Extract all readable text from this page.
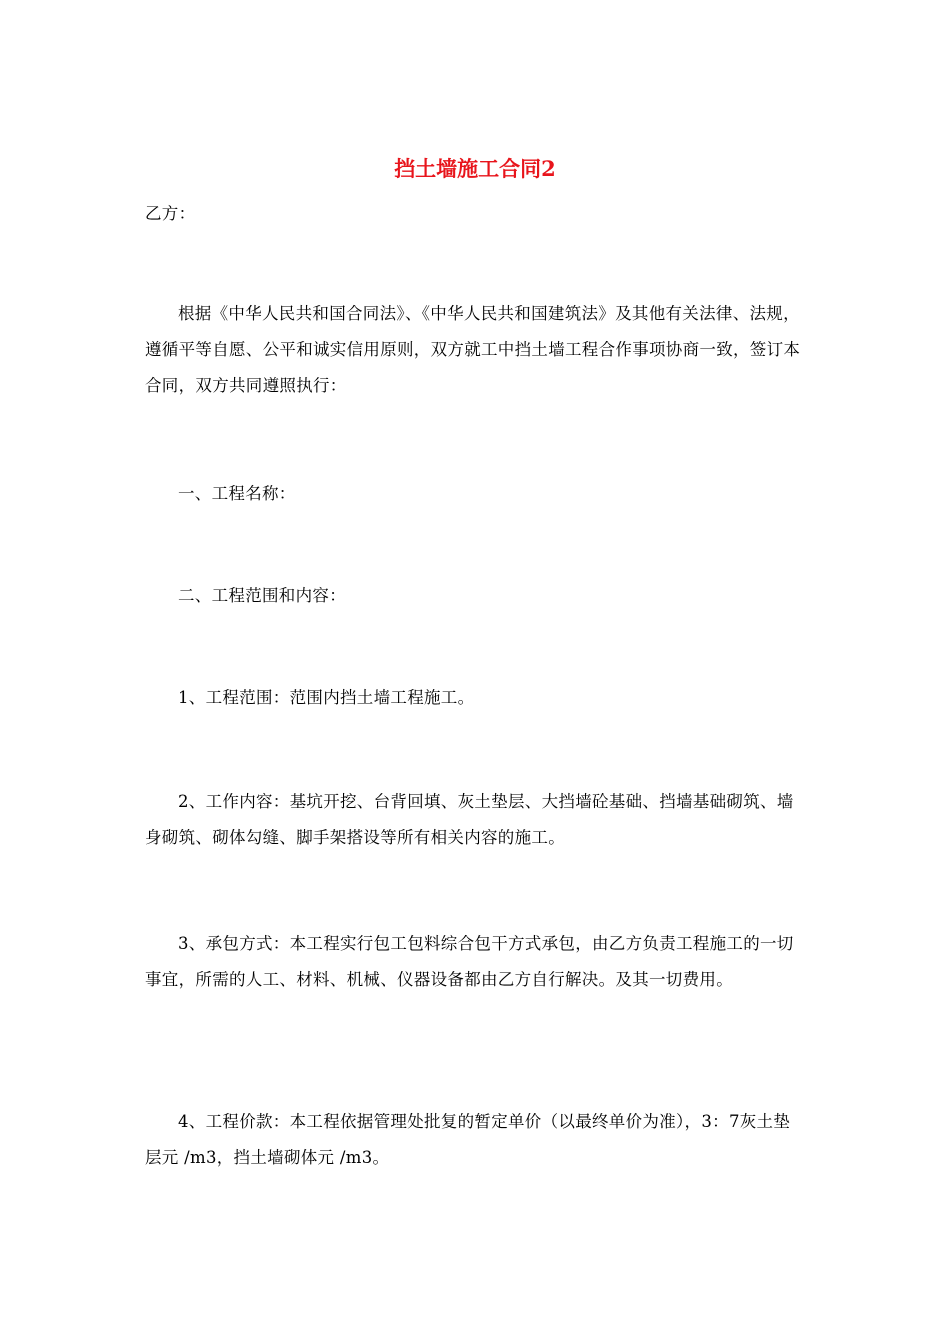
挡土墙施工合同2

乙方：

根据《中华人民共和国合同法》、《中华人民共和国建筑法》及其他有关法律、法规，遵循平等自愿、公平和诚实信用原则，双方就工中挡土墙工程合作事项协商一致，签订本合同，双方共同遵照执行：

一、工程名称：

二、工程范围和内容：

1、工程范围：范围内挡土墙工程施工。

2、工作内容：基坑开挖、台背回填、灰土垫层、大挡墙砼基础、挡墙基础砌筑、墙身砌筑、砌体勾缝、脚手架搭设等所有相关内容的施工。

3、承包方式：本工程实行包工包料综合包干方式承包，由乙方负责工程施工的一切事宜，所需的人工、材料、机械、仪器设备都由乙方自行解决。及其一切费用。

4、工程价款：本工程依据管理处批复的暂定单价（以最终单价为准），3：7灰土垫层元 /m3，挡土墙砌体元 /m3。
